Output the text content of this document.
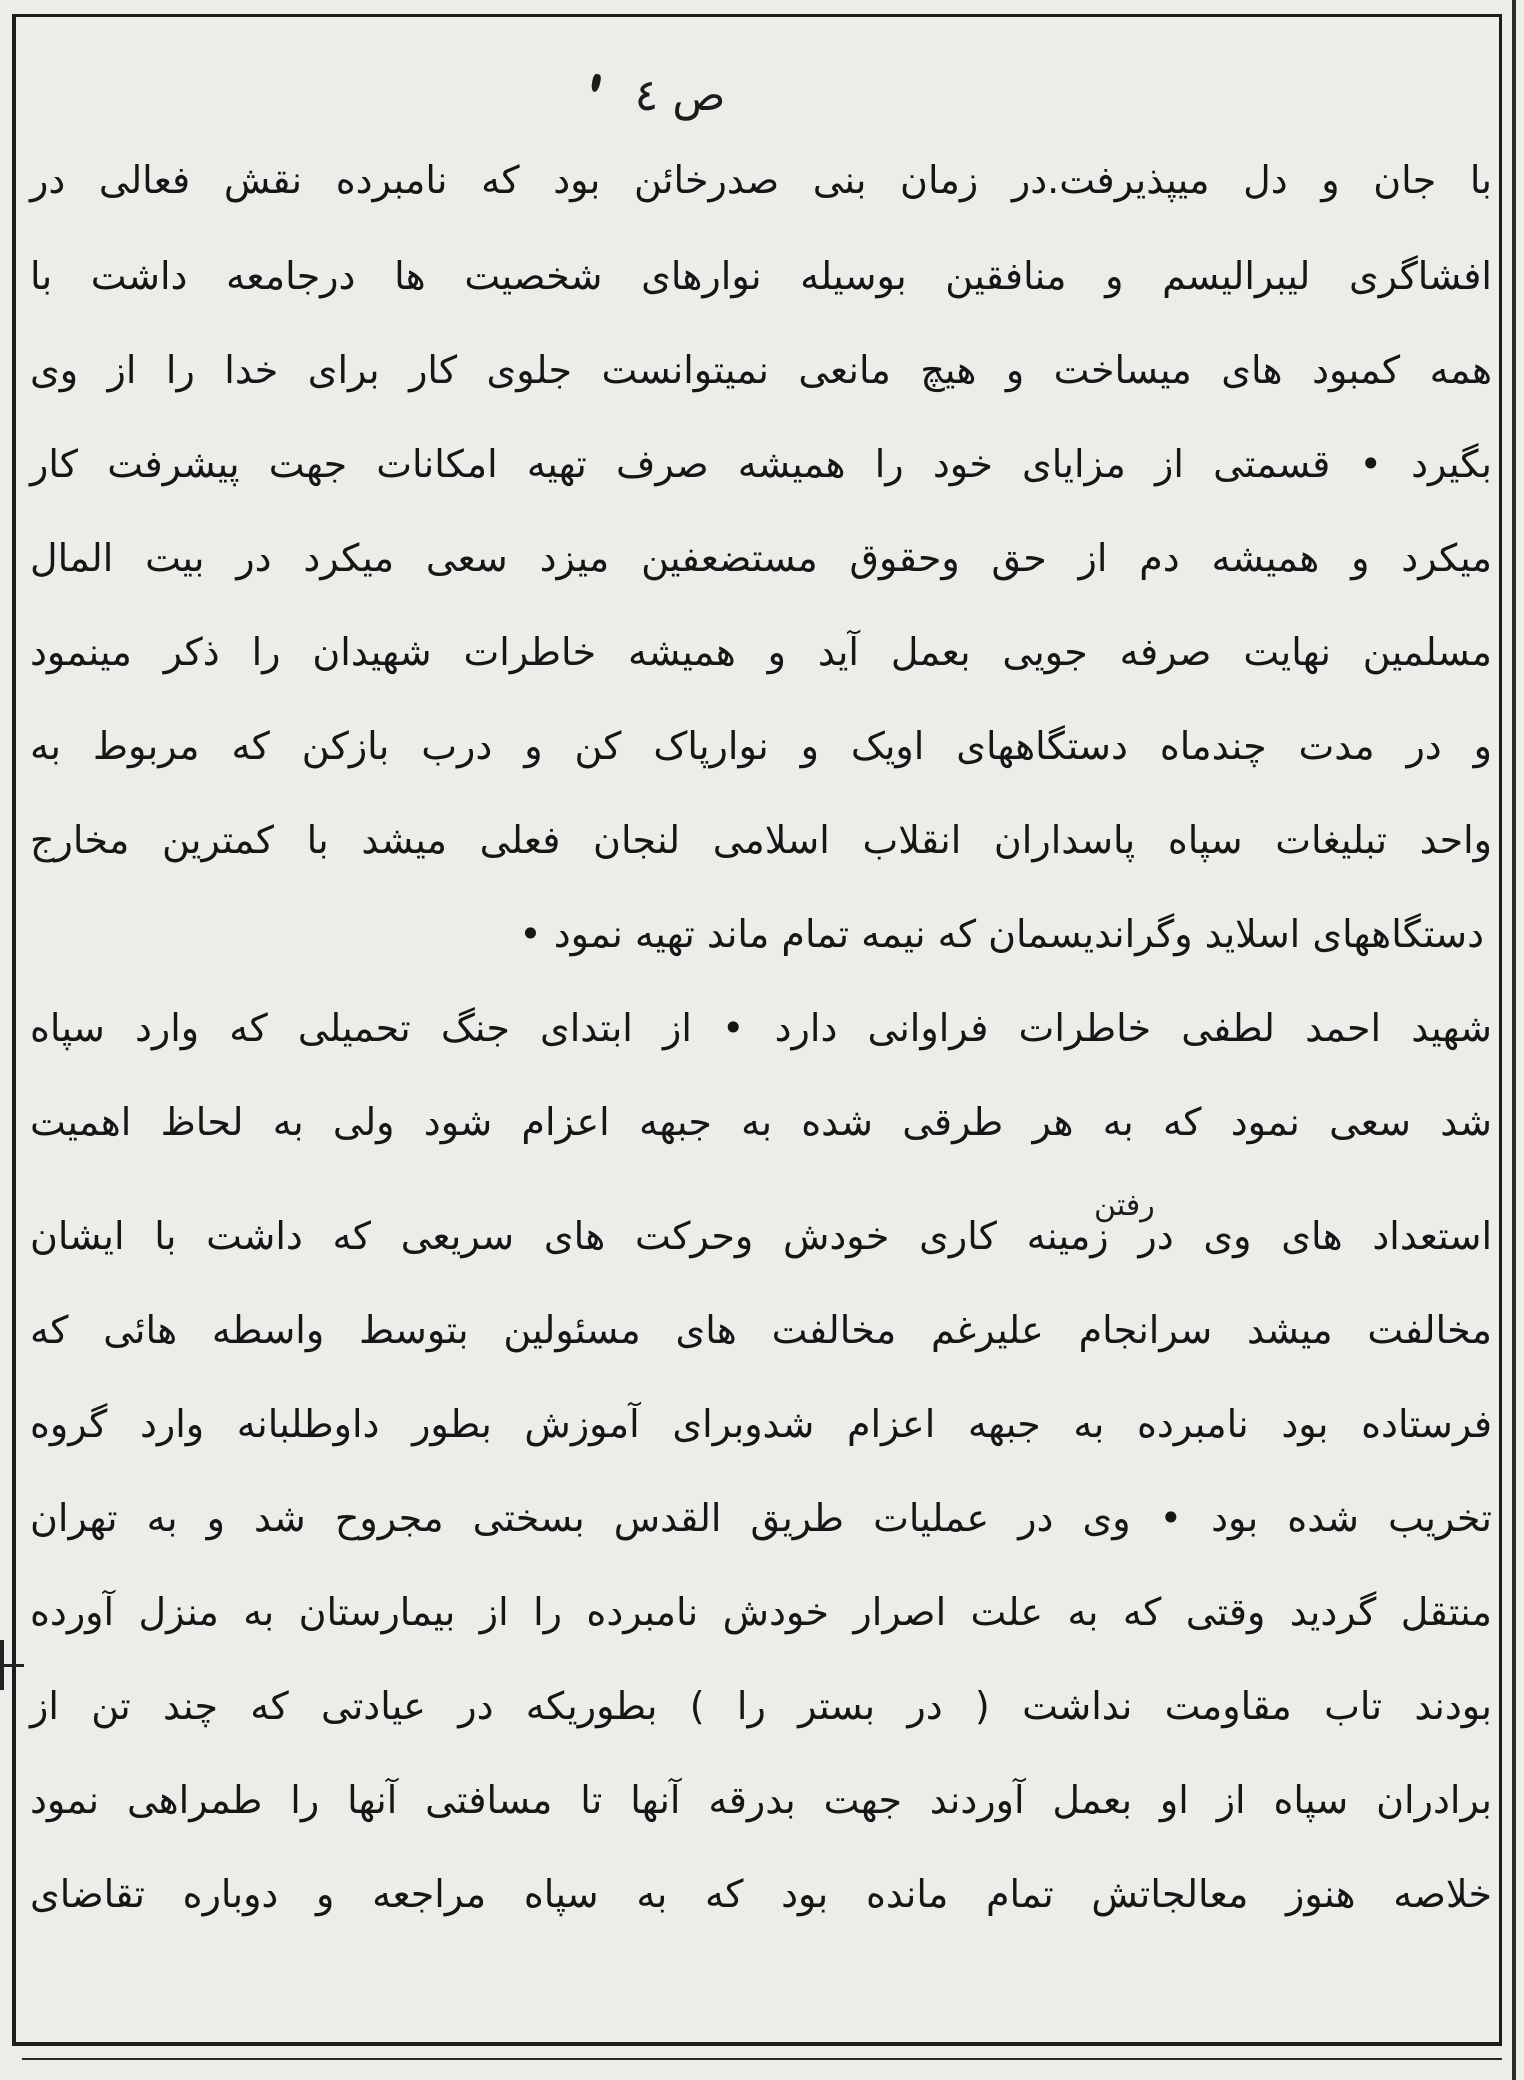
ص ٤
رفتن
با جان و دل میپذیرفت.در زمان بنی صدرخائن بود که نامبرده نقش فعالی در
افشاگری لیبرالیسم و منافقین بوسیله نوارهای شخصیت ها درجامعه داشت با
همه کمبود های میساخت و هیچ مانعی نمیتوانست جلوی کار برای خدا را از وی
بگیرد • قسمتی از مزایای خود را همیشه صرف تهیه امکانات جهت پیشرفت کار
میکرد و همیشه دم از حق وحقوق مستضعفین میزد سعی میکرد در بیت المال
مسلمین نهایت صرفه جویی بعمل آید و همیشه خاطرات شهیدان را ذکر مینمود
و در مدت چندماه دستگاههای اویک و نوارپاک کن و درب بازکن که مربوط به
واحد تبلیغات سپاه پاسداران انقلاب اسلامی لنجان فعلی میشد با کمترین مخارج
دستگاههای اسلاید وگراندیسمان که نیمه تمام ماند تهیه نمود •
شهید احمد لطفی خاطرات فراوانی دارد • از ابتدای جنگ تحمیلی که وارد سپاه
شد سعی نمود که به هر طرقی شده به جبهه اعزام شود ولی به لحاظ اهمیت
استعداد های وی در زمینه کاری خودش وحرکت های سریعی که داشت با ایشان
مخالفت میشد سرانجام علیرغم مخالفت های مسئولین بتوسط واسطه هائی که
فرستاده بود نامبرده به جبهه اعزام شدوبرای آموزش بطور داوطلبانه وارد گروه
تخریب شده بود • وی در عملیات طریق القدس بسختی مجروح شد و به تهران
منتقل گردید وقتی که به علت اصرار خودش نامبرده را از بیمارستان به منزل آورده
بودند تاب مقاومت نداشت ( در بستر را ) بطوریکه در عیادتی که چند تن از
برادران سپاه از او بعمل آوردند جهت بدرقه آنها تا مسافتی آنها را طمراهی نمود
خلاصه هنوز معالجاتش تمام مانده بود که به سپاه مراجعه و دوباره تقاضای
